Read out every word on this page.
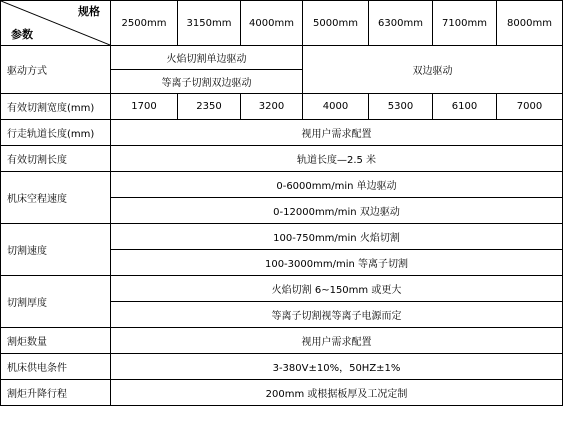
规格
参数	2500mm	3150mm	4000mm	5000mm	6300mm	7100mm	8000mm
驱动方式	火焰切割单边驱动			双边驱动			
	等离子切割双边驱动						
有效切割宽度(mm)	1700	2350	3200	4000	5300	6100	7000
行走轨道长度(mm)	视用户需求配置						
有效切割长度	轨道长度—2.5 米						
机床空程速度	0-6000mm/min 单边驱动						
	0-12000mm/min 双边驱动						
切割速度	100-750mm/min 火焰切割						
	100-3000mm/min 等离子切割						
切割厚度	火焰切割 6~150mm 或更大						
	等离子切割视等离子电源而定						
割炬数量	视用户需求配置						
机床供电条件	3-380V±10%，50HZ±1%						
割炬升降行程	200mm 或根据板厚及工况定制						
